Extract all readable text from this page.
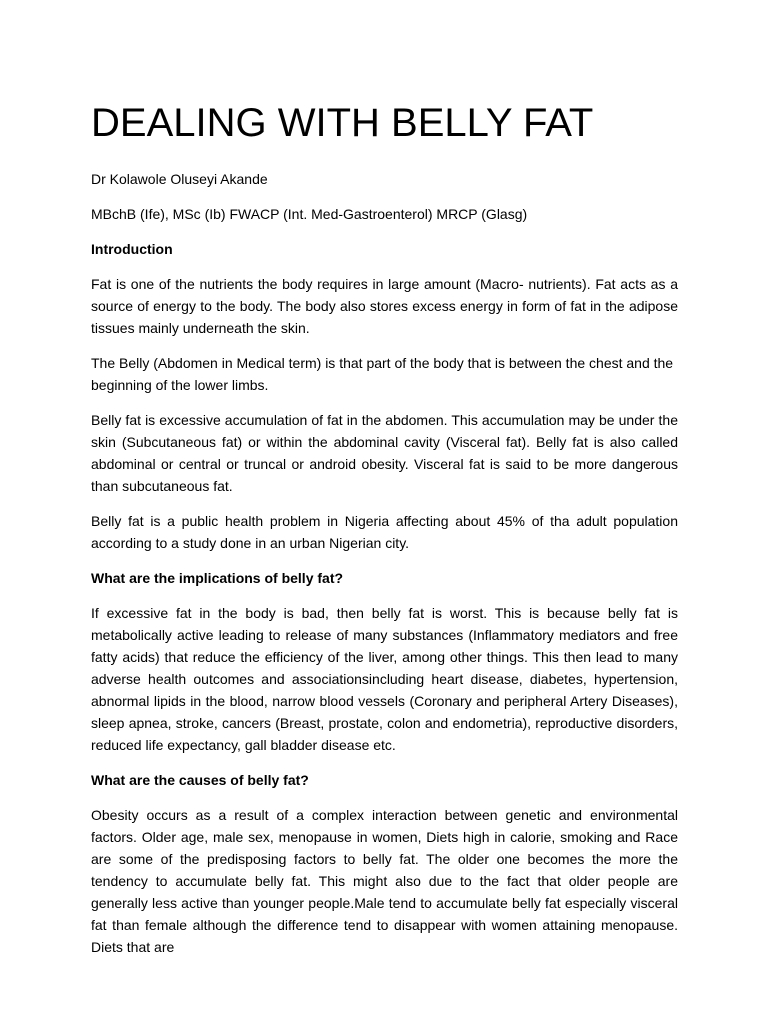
DEALING WITH BELLY FAT

Dr Kolawole Oluseyi Akande

MBchB (Ife), MSc (Ib) FWACP (Int. Med-Gastroenterol) MRCP (Glasg)

Introduction

Fat is one of the nutrients the body requires in large amount (Macro- nutrients). Fat acts as a source of energy to the body. The body also stores excess energy in form of fat in the adipose tissues mainly underneath the skin.

The Belly (Abdomen in Medical term) is that part of the body that is between the chest and the beginning of the lower limbs.

Belly fat is excessive accumulation of fat in the abdomen. This accumulation may be under the skin (Subcutaneous fat) or within the abdominal cavity (Visceral fat). Belly fat is also called abdominal or central or truncal or android obesity. Visceral fat is said to be more dangerous than subcutaneous fat.

Belly fat is a public health problem in Nigeria affecting about 45% of tha adult population according to a study done in an urban Nigerian city.

What are the implications of belly fat?

If excessive fat in the body is bad, then belly fat is worst. This is because belly fat is metabolically active leading to release of many substances (Inflammatory mediators and free fatty acids) that reduce the efficiency of the liver, among other things. This then lead to many adverse health outcomes and associationsincluding heart disease, diabetes, hypertension, abnormal lipids in the blood, narrow blood vessels (Coronary and peripheral Artery Diseases), sleep apnea, stroke, cancers (Breast, prostate, colon and endometria), reproductive disorders, reduced life expectancy, gall bladder disease etc.

What are the causes of belly fat?

Obesity occurs as a result of a complex interaction between genetic and environmental factors. Older age, male sex, menopause in women, Diets high in calorie, smoking and Race are some of the predisposing factors to belly fat. The older one becomes the more the tendency to accumulate belly fat. This might also due to the fact that older people are generally less active than younger people.Male tend to accumulate belly fat especially visceral fat than female although the difference tend to disappear with women attaining menopause. Diets that are
